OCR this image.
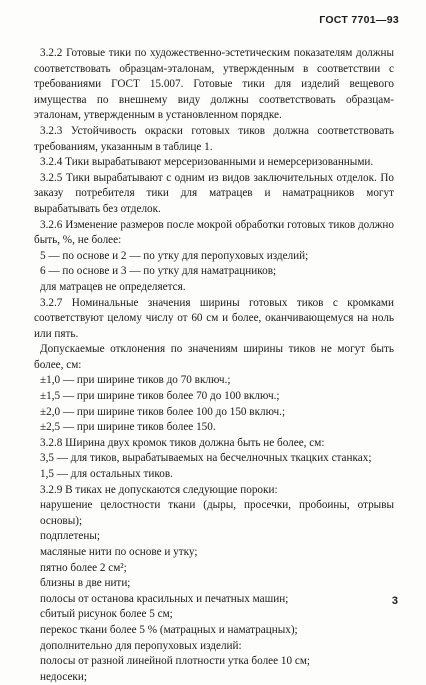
ГОСТ 7701—93

3.2.2 Готовые тики по художественно-эстетическим показателям должны соответствовать образцам-эталонам, утвержденным в соответствии с требованиями ГОСТ 15.007. Готовые тики для изделий вещевого имущества по внешнему виду должны соответствовать образцам-эталонам, утвержденным в установленном порядке.

3.2.3 Устойчивость окраски готовых тиков должна соответствовать требованиям, указанным в таблице 1.

3.2.4 Тики вырабатывают мерсеризованными и немерсеризованными.

3.2.5 Тики вырабатывают с одним из видов заключительных отделок. По заказу потребителя тики для матрацев и наматрацников могут вырабатывать без отделок.

3.2.6 Изменение размеров после мокрой обработки готовых тиков должно быть, %, не более:

5 — по основе и 2 — по утку для перопуховых изделий;

6 — по основе и 3 — по утку для наматрацников;

для матрацев не определяется.

3.2.7 Номинальные значения ширины готовых тиков с кромками соответствуют целому числу от 60 см и более, оканчивающемуся на ноль или пять.

Допускаемые отклонения по значениям ширины тиков не могут быть более, см:

±1,0 — при ширине тиков до 70 включ.;

±1,5 — при ширине тиков более 70 до 100 включ.;

±2,0 — при ширине тиков более 100 до 150 включ.;

±2,5 — при ширине тиков более 150.

3.2.8 Ширина двух кромок тиков должна быть не более, см:

3,5 — для тиков, вырабатываемых на бесчелночных ткацких станках;

1,5 — для остальных тиков.

3.2.9 В тиках не допускаются следующие пороки:

нарушение целостности ткани (дыры, просечки, пробоины, отрывы основы);

подплетены;

масляные нити по основе и утку;

пятно более 2 см²;

близны в две нити;

полосы от останова красильных и печатных машин;

сбитый рисунок более 5 см;

перекос ткани более 5 % (матрацных и наматрацных);

дополнительно для перопуховых изделий:

полосы от разной линейной плотности утка более 10 см;

недосеки;

3
